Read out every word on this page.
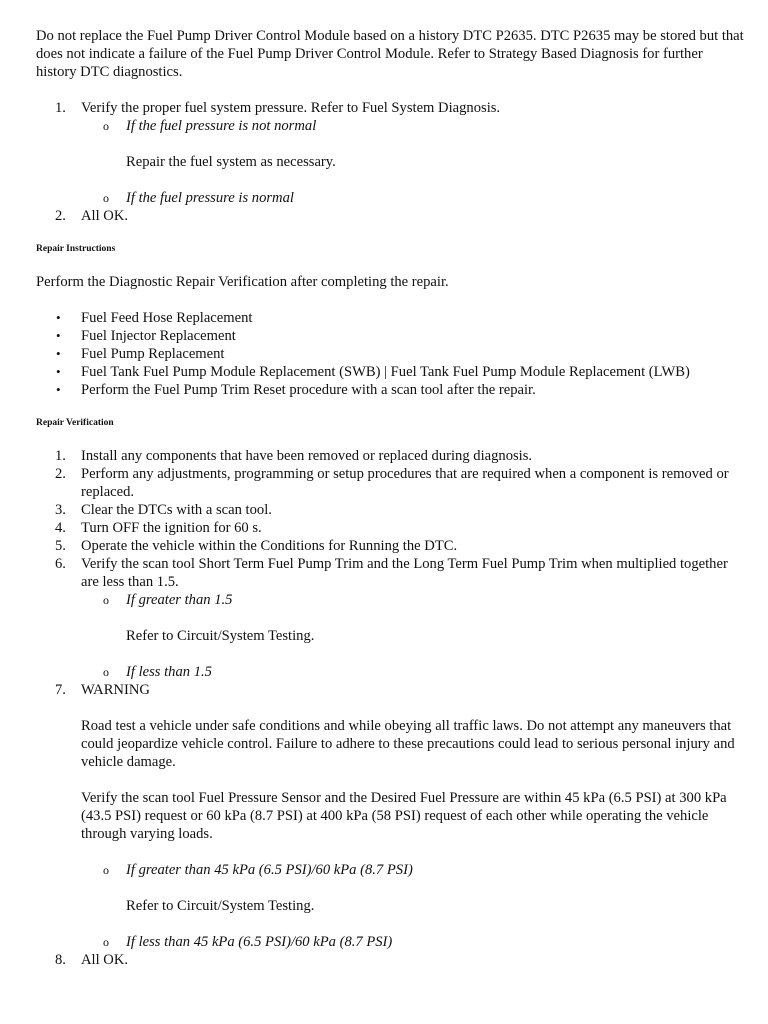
Do not replace the Fuel Pump Driver Control Module based on a history DTC P2635. DTC P2635 may be stored but that does not indicate a failure of the Fuel Pump Driver Control Module. Refer to Strategy Based Diagnosis for further history DTC diagnostics.

1.	Verify the proper fuel system pressure. Refer to Fuel System Diagnosis.
o If the fuel pressure is not normal

Repair the fuel system as necessary.

o If the fuel pressure is normal
2.	All OK.
Repair Instructions

Perform the Diagnostic Repair Verification after completing the repair.

• Fuel Feed Hose Replacement
• Fuel Injector Replacement
• Fuel Pump Replacement
• Fuel Tank Fuel Pump Module Replacement (SWB) | Fuel Tank Fuel Pump Module Replacement (LWB)
• Perform the Fuel Pump Trim Reset procedure with a scan tool after the repair.
Repair Verification
1.	Install any components that have been removed or replaced during diagnosis.
2.	Perform any adjustments, programming or setup procedures that are required when a component is removed or replaced.
3.	Clear the DTCs with a scan tool.
4.	Turn OFF the ignition for 60 s.
5.	Operate the vehicle within the Conditions for Running the DTC.
6.	Verify the scan tool Short Term Fuel Pump Trim and the Long Term Fuel Pump Trim when multiplied together are less than 1.5.
o If greater than 1.5

Refer to Circuit/System Testing.

o If less than 1.5
7.	WARNING

Road test a vehicle under safe conditions and while obeying all traffic laws. Do not attempt any maneuvers that could jeopardize vehicle control. Failure to adhere to these precautions could lead to serious personal injury and vehicle damage.

Verify the scan tool Fuel Pressure Sensor and the Desired Fuel Pressure are within 45 kPa (6.5 PSI) at 300 kPa (43.5 PSI) request or 60 kPa (8.7 PSI) at 400 kPa (58 PSI) request of each other while operating the vehicle through varying loads.

o If greater than 45 kPa (6.5 PSI)/60 kPa (8.7 PSI)

Refer to Circuit/System Testing.

o If less than 45 kPa (6.5 PSI)/60 kPa (8.7 PSI)
8.	All OK.
